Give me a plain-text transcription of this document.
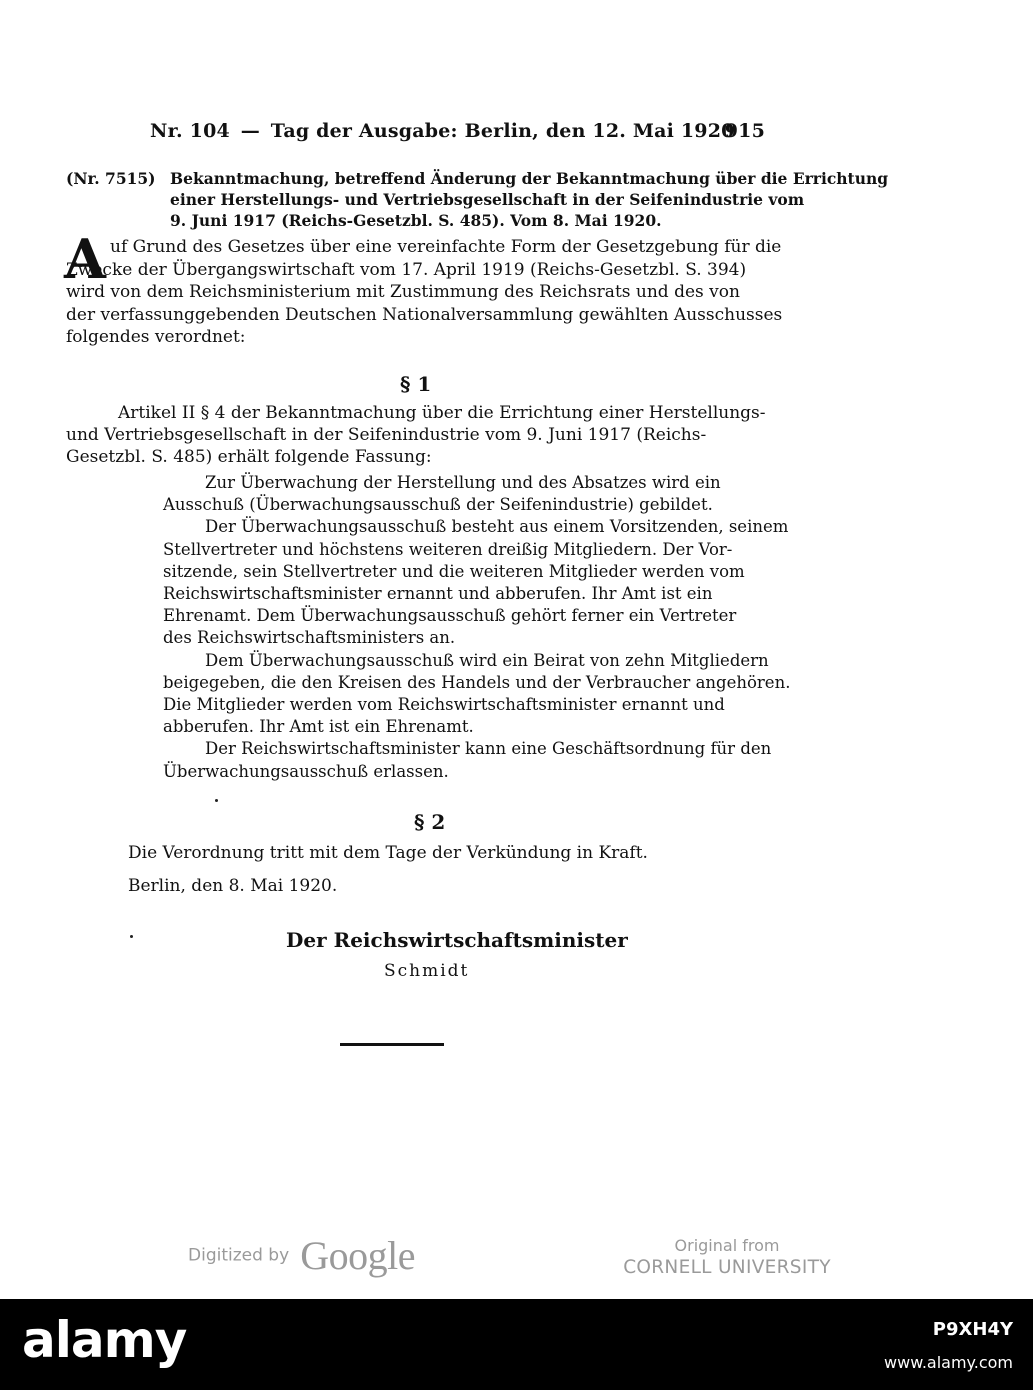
Nr. 104 — Tag der Ausgabe: Berlin, den 12. Mai 1920
915
(Nr. 7515) Bekanntmachung, betreffend Änderung der Bekanntmachung über die Errichtung
einer Herstellungs- und Vertriebsgesellschaft in der Seifenindustrie vom
9. Juni 1917 (Reichs-Gesetzbl. S. 485). Vom 8. Mai 1920.
A uf Grund des Gesetzes über eine vereinfachte Form der Gesetzgebung für die
Zwecke der Übergangswirtschaft vom 17. April 1919 (Reichs-Gesetzbl. S. 394)
wird von dem Reichsministerium mit Zustimmung des Reichsrats und des von
der verfassunggebenden Deutschen Nationalversammlung gewählten Ausschusses
folgendes verordnet:
§ 1
Artikel II § 4 der Bekanntmachung über die Errichtung einer Herstellungs-
und Vertriebsgesellschaft in der Seifenindustrie vom 9. Juni 1917 (Reichs-
Gesetzbl. S. 485) erhält folgende Fassung:
Zur Überwachung der Herstellung und des Absatzes wird ein
Ausschuß (Überwachungsausschuß der Seifenindustrie) gebildet.
Der Überwachungsausschuß besteht aus einem Vorsitzenden, seinem
Stellvertreter und höchstens weiteren dreißig Mitgliedern. Der Vor-
sitzende, sein Stellvertreter und die weiteren Mitglieder werden vom
Reichswirtschaftsminister ernannt und abberufen. Ihr Amt ist ein
Ehrenamt. Dem Überwachungsausschuß gehört ferner ein Vertreter
des Reichswirtschaftsministers an.
Dem Überwachungsausschuß wird ein Beirat von zehn Mitgliedern
beigegeben, die den Kreisen des Handels und der Verbraucher angehören.
Die Mitglieder werden vom Reichswirtschaftsminister ernannt und
abberufen. Ihr Amt ist ein Ehrenamt.
Der Reichswirtschaftsminister kann eine Geschäftsordnung für den
Überwachungsausschuß erlassen.
§ 2
Die Verordnung tritt mit dem Tage der Verkündung in Kraft.
Berlin, den 8. Mai 1920.
Der Reichswirtschaftsminister
Schmidt
Digitized by Google	Original from
CORNELL UNIVERSITY
alamy	P9XH4Y
www.alamy.com
